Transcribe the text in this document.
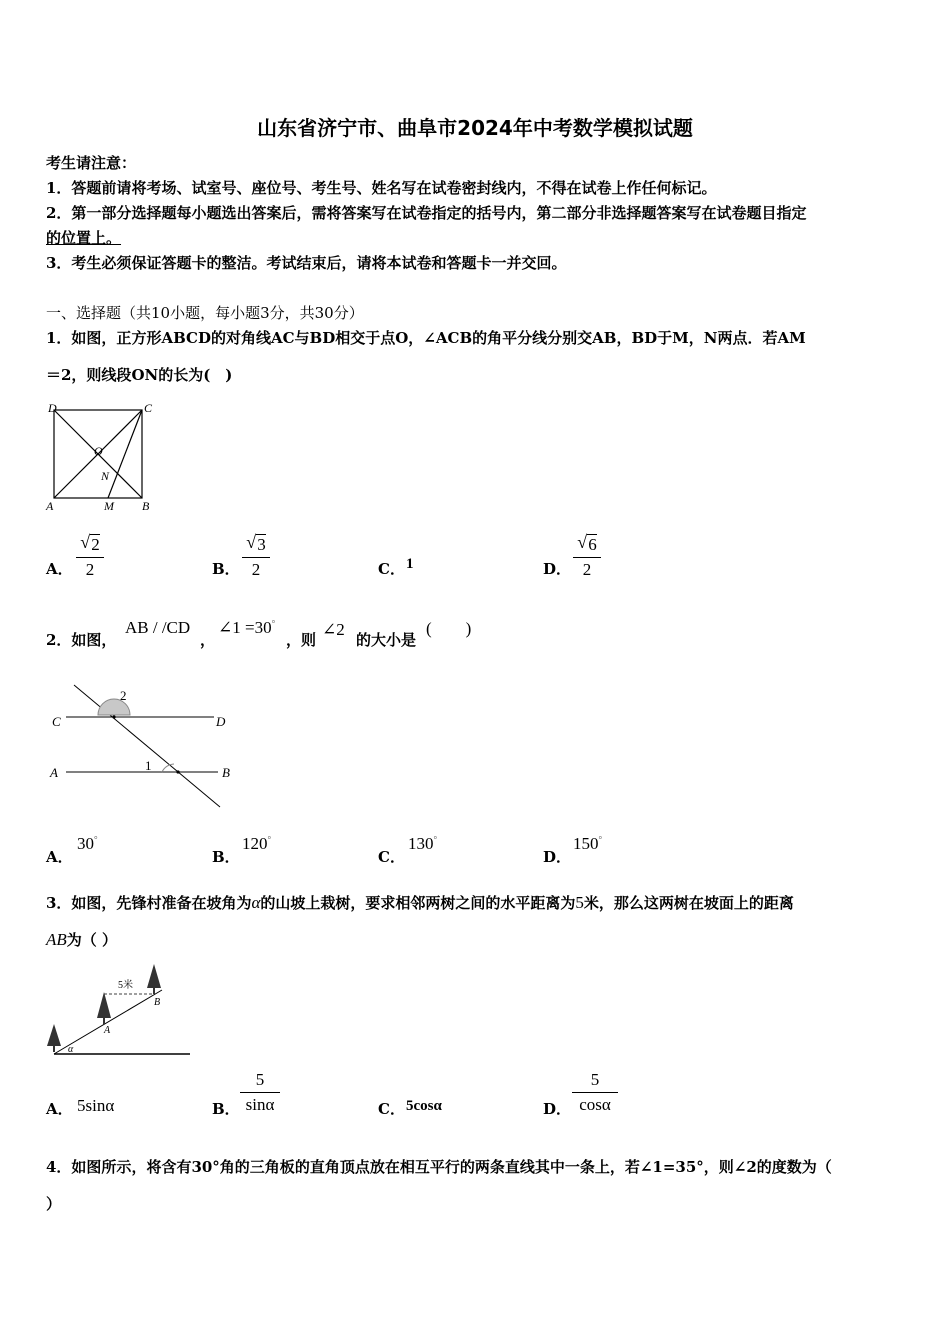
山东省济宁市、曲阜市2024年中考数学模拟试题
考生请注意：
1．答题前请将考场、试室号、座位号、考生号、姓名写在试卷密封线内，不得在试卷上作任何标记。
2．第一部分选择题每小题选出答案后，需将答案写在试卷指定的括号内，第二部分非选择题答案写在试卷题目指定
的位置上。
3．考生必须保证答题卡的整洁。考试结束后，请将本试卷和答题卡一并交回。
一、选择题（共10小题，每小题3分，共30分）
1．如图，正方形ABCD的对角线AC与BD相交于点O，∠ACB的角平分线分别交AB，BD于M，N两点．若AM
＝2，则线段ON的长为(　)
D	C
A	B
O
N
M
A．
√ 2
2	B．
√ 3
2	C． 1	D．
√ 6
2
2．如图，
AB / /CD
，
∠1 =30°
，则
∠2
的大小是
(　　)
C	D
A	B
1
2
A．
30°
B．
120°
C．
130°
D．
150°
3．如图，先锋村准备在坡角为α的山坡上栽树，要求相邻两树之间的水平距离为5米，那么这两树在坡面上的距离
AB为（ ）
5米
A
B
α
A． 5sinα	B．
5
sinα	C． 5cosα	D．
5
cosα
4．如图所示，将含有30°角的三角板的直角顶点放在相互平行的两条直线其中一条上，若∠1=35°，则∠2的度数为（
）
